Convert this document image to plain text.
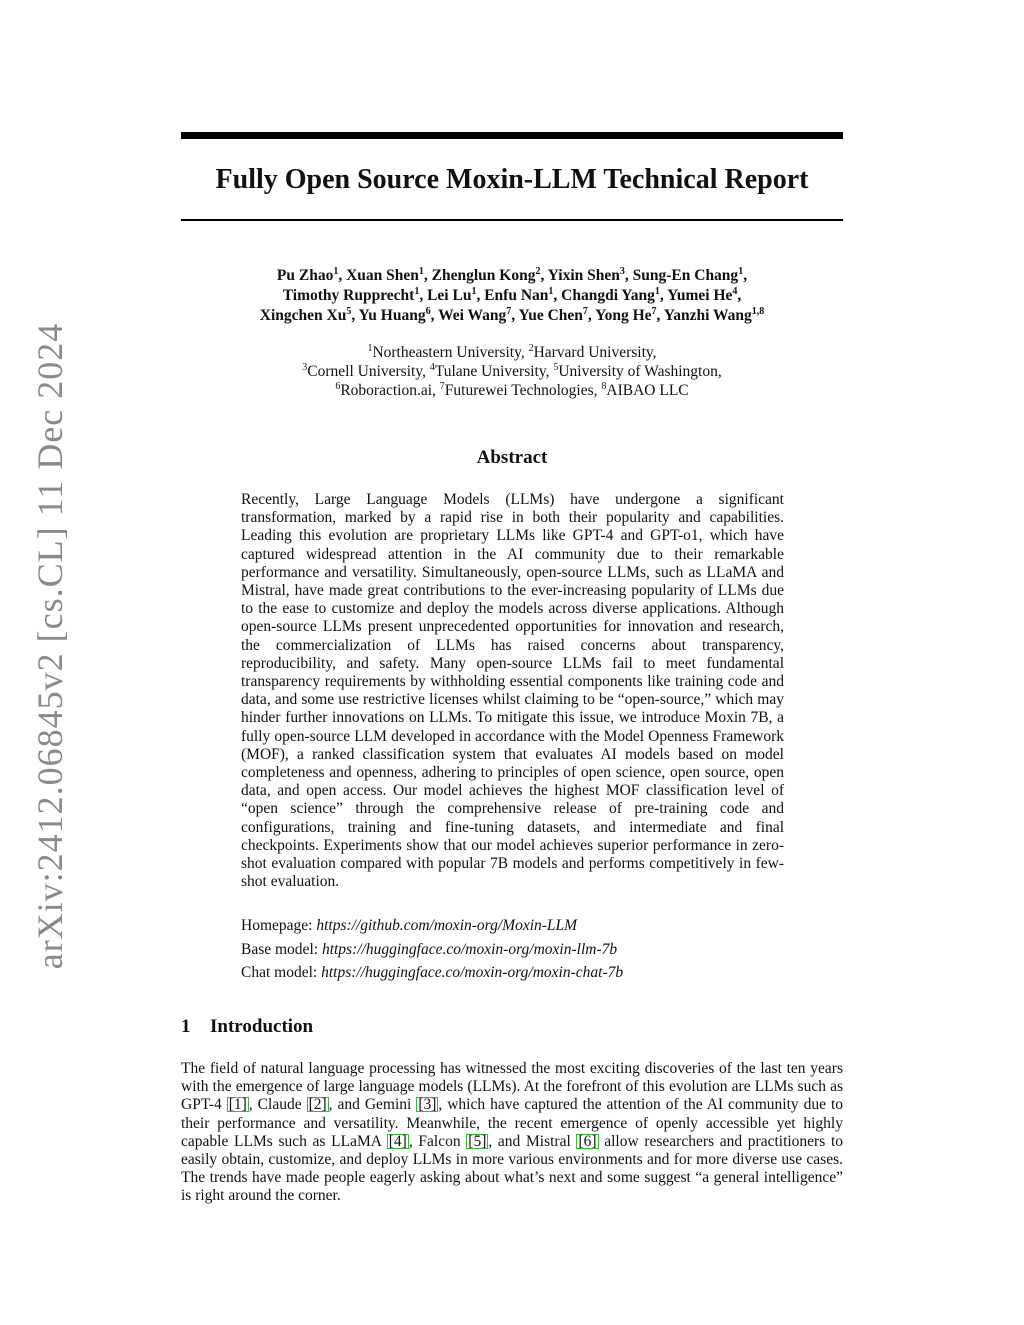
arXiv:2412.06845v2 [cs.CL] 11 Dec 2024
Fully Open Source Moxin-LLM Technical Report
Pu Zhao$^1$, Xuan Shen$^1$, Zhenglun Kong$^2$, Yixin Shen$^3$, Sung-En Chang$^1$,
Timothy Rupprecht$^1$, Lei Lu$^1$, Enfu Nan$^1$, Changdi Yang$^1$, Yumei He$^4$,
Xingchen Xu$^5$, Yu Huang$^6$, Wei Wang$^7$, Yue Chen$^7$, Yong He$^7$, Yanzhi Wang$^{1,8}$
$^1$Northeastern University, $^2$Harvard University,
$^3$Cornell University, $^4$Tulane University, $^5$University of Washington,
$^6$Roboraction.ai, $^7$Futurewei Technologies, $^8$AIBAO LLC
Abstract
Recently, Large Language Models (LLMs) have undergone a significant transformation, marked by a rapid rise in both their popularity and capabilities. Leading this evolution are proprietary LLMs like GPT-4 and GPT-o1, which have captured widespread attention in the AI community due to their remarkable performance and versatility. Simultaneously, open-source LLMs, such as LLaMA and Mistral, have made great contributions to the ever-increasing popularity of LLMs due to the ease to customize and deploy the models across diverse applications. Although open-source LLMs present unprecedented opportunities for innovation and research, the commercialization of LLMs has raised concerns about transparency, reproducibility, and safety. Many open-source LLMs fail to meet fundamental transparency requirements by withholding essential components like training code and data, and some use restrictive licenses whilst claiming to be “open-source,” which may hinder further innovations on LLMs. To mitigate this issue, we introduce Moxin 7B, a fully open-source LLM developed in accordance with the Model Openness Framework (MOF), a ranked classification system that evaluates AI models based on model completeness and openness, adhering to principles of open science, open source, open data, and open access. Our model achieves the highest MOF classification level of “open science” through the comprehensive release of pre-training code and configurations, training and fine-tuning datasets, and intermediate and final checkpoints. Experiments show that our model achieves superior performance in zero-shot evaluation compared with popular 7B models and performs competitively in few-shot evaluation.
Homepage: https://github.com/moxin-org/Moxin-LLM
Base model: https://huggingface.co/moxin-org/moxin-llm-7b
Chat model: https://huggingface.co/moxin-org/moxin-chat-7b
1 Introduction
The field of natural language processing has witnessed the most exciting discoveries of the last ten years with the emergence of large language models (LLMs). At the forefront of this evolution are LLMs such as GPT-4 [1] , Claude [2] , and Gemini [3] , which have captured the attention of the AI community due to their performance and versatility. Meanwhile, the recent emergence of openly accessible yet highly capable LLMs such as LLaMA [4] , Falcon [5] , and Mistral [6] allow researchers and practitioners to easily obtain, customize, and deploy LLMs in more various environments and for more diverse use cases. The trends have made people eagerly asking about what’s next and some suggest “a general intelligence” is right around the corner.
